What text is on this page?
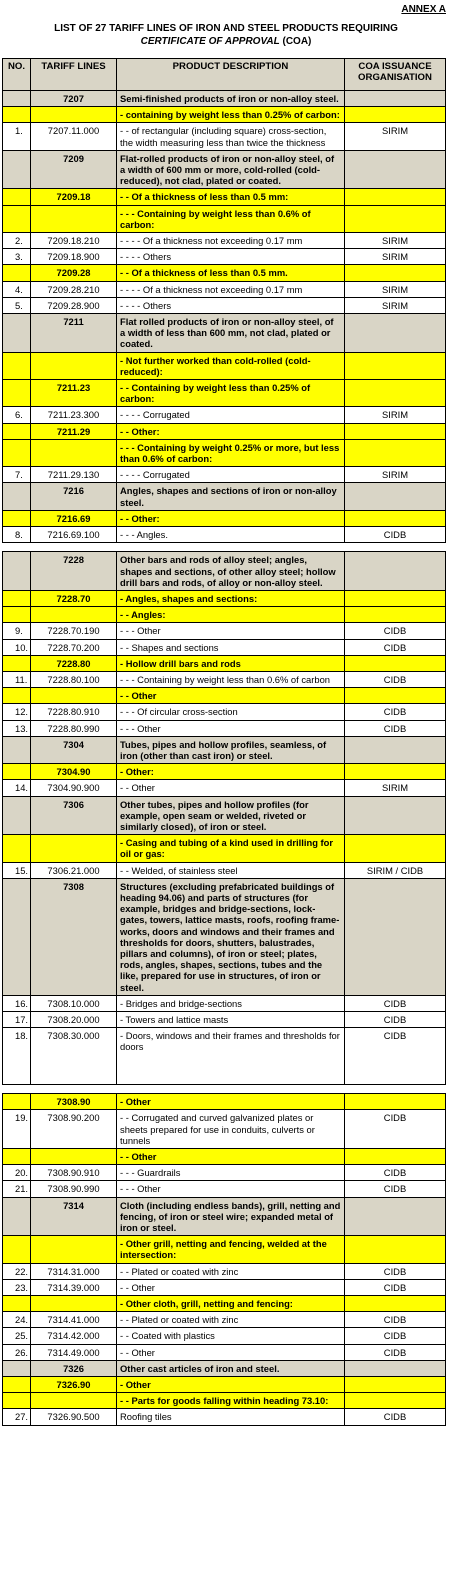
ANNEX A
LIST OF 27 TARIFF LINES OF IRON AND STEEL PRODUCTS REQUIRING
CERTIFICATE OF APPROVAL (COA)
NO.	TARIFF LINES	PRODUCT DESCRIPTION	COA ISSUANCE ORGANISATION
	7207	Semi-finished products of iron or non-alloy steel.	
		- containing by weight less than 0.25% of carbon:	
1.	7207.11.000	- - of rectangular (including square) cross-section, the width measuring less than twice the thickness	SIRIM
	7209	Flat-rolled products of iron or non-alloy steel, of a width of 600 mm or more, cold-rolled (cold-reduced), not clad, plated or coated.	
	7209.18	- - Of a thickness of less than 0.5 mm:	
		- - - Containing by weight less than 0.6% of carbon:	
2.	7209.18.210	- - - - Of a thickness not exceeding 0.17 mm	SIRIM
3.	7209.18.900	- - - - Others	SIRIM
	7209.28	- - Of a thickness of less than 0.5 mm.	
4.	7209.28.210	- - - - Of a thickness not exceeding 0.17 mm	SIRIM
5.	7209.28.900	- - - - Others	SIRIM
	7211	Flat rolled products of iron or non-alloy steel, of a width of less than 600 mm, not clad, plated or coated.	
		- Not further worked than cold-rolled (cold-reduced):	
	7211.23	- - Containing by weight less than 0.25% of carbon:	
6.	7211.23.300	- - - - Corrugated	SIRIM
	7211.29	- - Other:	
		- - - Containing by weight 0.25% or more, but less than 0.6% of carbon:	
7.	7211.29.130	- - - - Corrugated	SIRIM
	7216	Angles, shapes and sections of iron or non-alloy steel.	
	7216.69	- - Other:	
8.	7216.69.100	- - - Angles.	CIDB

	7228	Other bars and rods of alloy steel; angles, shapes and sections, of other alloy steel; hollow drill bars and rods, of alloy or non-alloy steel.	
	7228.70	- Angles, shapes and sections:	
		- - Angles:	
9.	7228.70.190	- - - Other	CIDB
10.	7228.70.200	- - Shapes and sections	CIDB
	7228.80	- Hollow drill bars and rods	
11.	7228.80.100	- - - Containing by weight less than 0.6% of carbon	CIDB
		- - Other	
12.	7228.80.910	- - - Of circular cross-section	CIDB
13.	7228.80.990	- - - Other	CIDB
	7304	Tubes, pipes and hollow profiles, seamless, of iron (other than cast iron) or steel.	
	7304.90	- Other:	
14.	7304.90.900	- - Other	SIRIM
	7306	Other tubes, pipes and hollow profiles (for example, open seam or welded, riveted or similarly closed), of iron or steel.	
		- Casing and tubing of a kind used in drilling for oil or gas:	
15.	7306.21.000	- - Welded, of stainless steel	SIRIM / CIDB
	7308	Structures (excluding prefabricated buildings of heading 94.06) and parts of structures (for example, bridges and bridge-sections, lock-gates, towers, lattice masts, roofs, roofing frame-works, doors and windows and their frames and thresholds for doors, shutters, balustrades, pillars and columns), of iron or steel; plates, rods, angles, shapes, sections, tubes and the like, prepared for use in structures, of iron or steel.	
16.	7308.10.000	- Bridges and bridge-sections	CIDB
17.	7308.20.000	- Towers and lattice masts	CIDB
18.	7308.30.000	- Doors, windows and their frames and thresholds for doors	CIDB

	7308.90	- Other	
19.	7308.90.200	- - Corrugated and curved galvanized plates or sheets prepared for use in conduits, culverts or tunnels	CIDB
		- - Other	
20.	7308.90.910	- - - Guardrails	CIDB
21.	7308.90.990	- - - Other	CIDB
	7314	Cloth (including endless bands), grill, netting and fencing, of iron or steel wire; expanded metal of iron or steel.	
		- Other grill, netting and fencing, welded at the intersection:	
22.	7314.31.000	- - Plated or coated with zinc	CIDB
23.	7314.39.000	- - Other	CIDB
		- Other cloth, grill, netting and fencing:	
24.	7314.41.000	- - Plated or coated with zinc	CIDB
25.	7314.42.000	- - Coated with plastics	CIDB
26.	7314.49.000	- - Other	CIDB
	7326	Other cast articles of iron and steel.	
	7326.90	- Other	
		- - Parts for goods falling within heading 73.10:	
27.	7326.90.500	Roofing tiles	CIDB
